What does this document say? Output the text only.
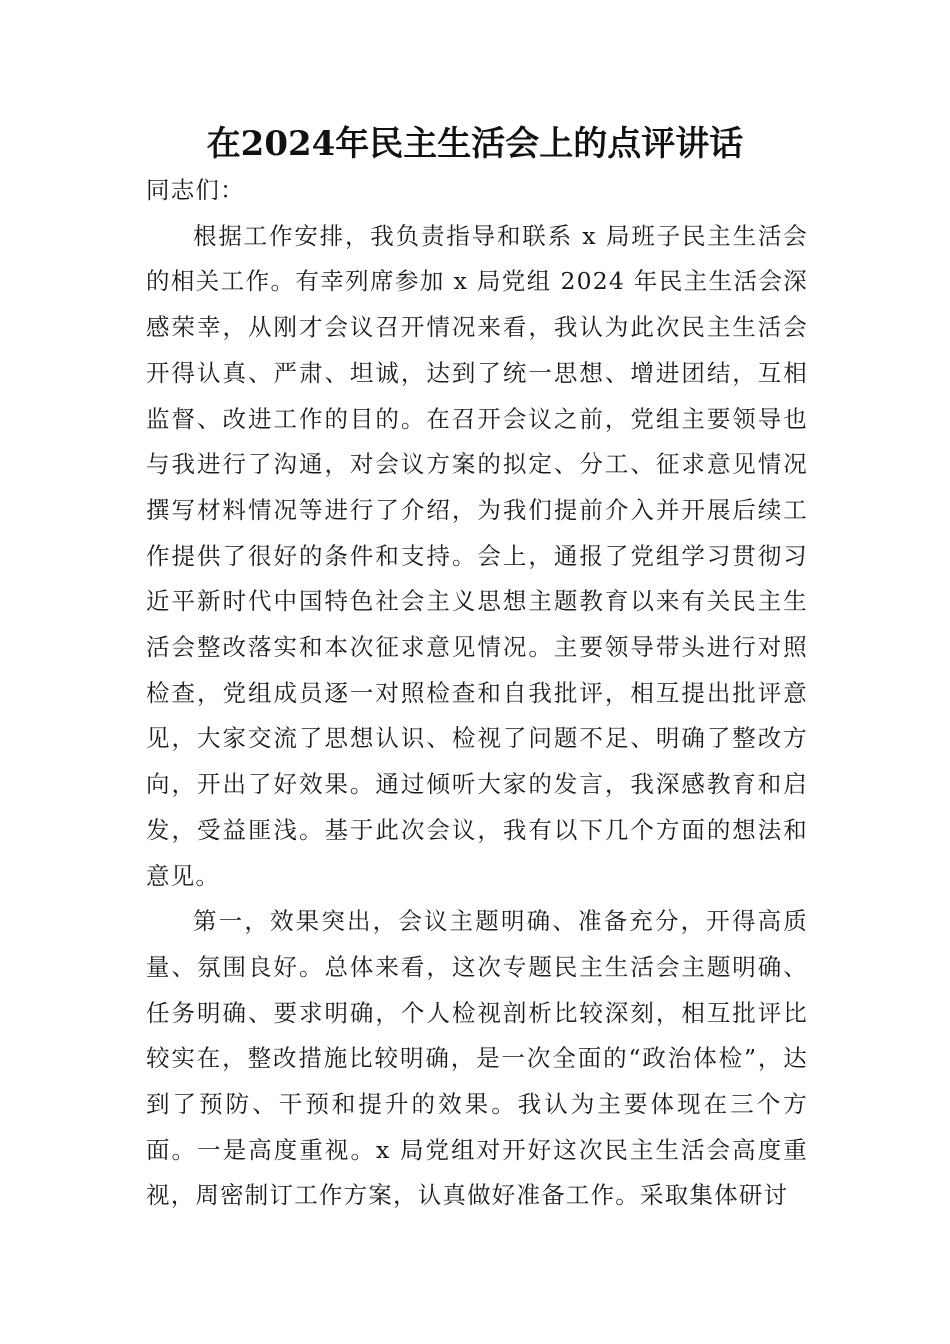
在2024年民主生活会上的点评讲话

同志们：

根据工作安排，我负责指导和联系 x 局班子民主生活会的相关工作。有幸列席参加 x 局党组 2024 年民主生活会深感荣幸，从刚才会议召开情况来看，我认为此次民主生活会开得认真、严肃、坦诚，达到了统一思想、增进团结，互相监督、改进工作的目的。在召开会议之前，党组主要领导也与我进行了沟通，对会议方案的拟定、分工、征求意见情况撰写材料情况等进行了介绍，为我们提前介入并开展后续工作提供了很好的条件和支持。会上，通报了党组学习贯彻习近平新时代中国特色社会主义思想主题教育以来有关民主生活会整改落实和本次征求意见情况。主要领导带头进行对照检查，党组成员逐一对照检查和自我批评，相互提出批评意见，大家交流了思想认识、检视了问题不足、明确了整改方向，开出了好效果。通过倾听大家的发言，我深感教育和启发，受益匪浅。基于此次会议，我有以下几个方面的想法和意见。

第一，效果突出，会议主题明确、准备充分，开得高质量、氛围良好。总体来看，这次专题民主生活会主题明确、任务明确、要求明确，个人检视剖析比较深刻，相互批评比较实在，整改措施比较明确，是一次全面的“政治体检”，达到了预防、干预和提升的效果。我认为主要体现在三个方面。一是高度重视。x 局党组对开好这次民主生活会高度重视，周密制订工作方案，认真做好准备工作。采取集体研讨
